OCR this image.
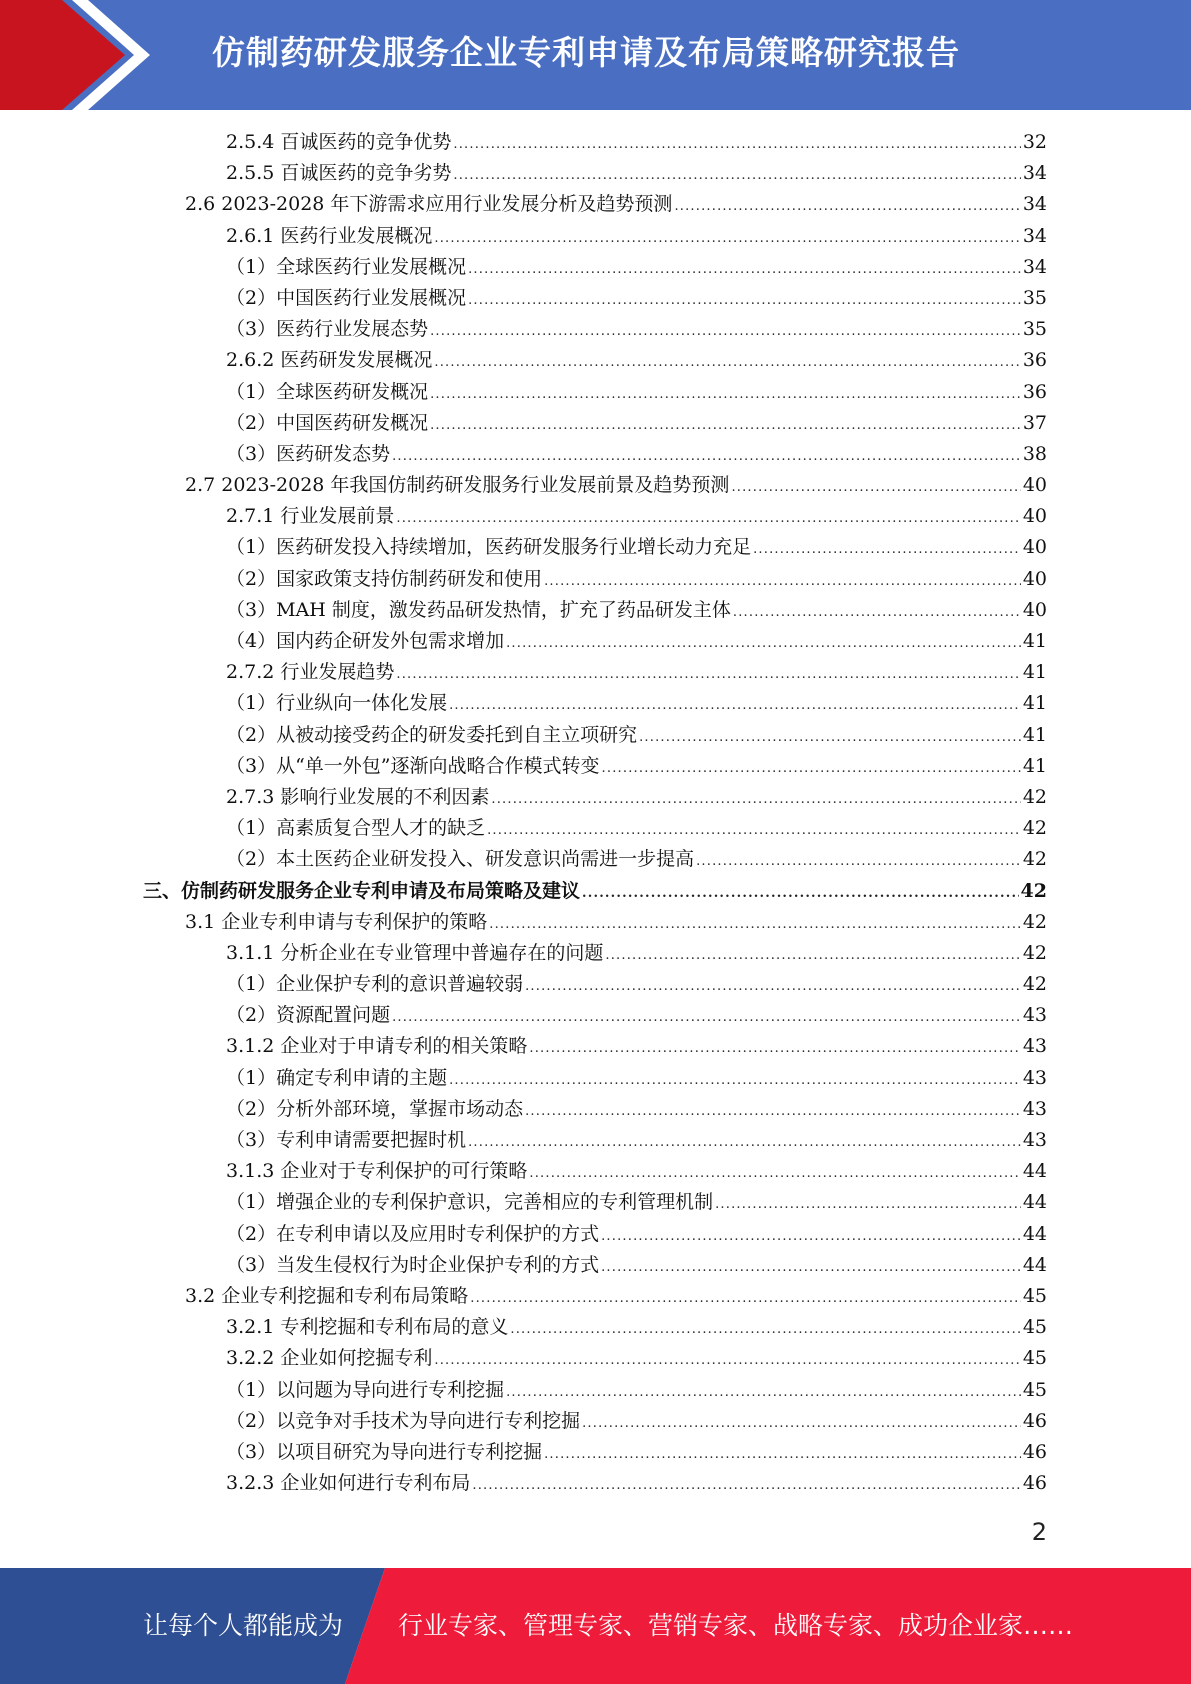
仿制药研发服务企业专利申请及布局策略研究报告
2.5.4 百诚医药的竞争优势 .....	32
2.5.5 百诚医药的竞争劣势 .....	34
2.6 2023-2028 年下游需求应用行业发展分析及趋势预测 .....	34
2.6.1 医药行业发展概况 .....	34
（1）全球医药行业发展概况 .....	34
（2）中国医药行业发展概况 .....	35
（3）医药行业发展态势 .....	35
2.6.2 医药研发发展概况 .....	36
（1）全球医药研发概况 .....	36
（2）中国医药研发概况 .....	37
（3）医药研发态势 .....	38
2.7 2023-2028 年我国仿制药研发服务行业发展前景及趋势预测 .....	40
2.7.1 行业发展前景 .....	40
（1）医药研发投入持续增加，医药研发服务行业增长动力充足 .....	40
（2）国家政策支持仿制药研发和使用 .....	40
（3）MAH 制度，激发药品研发热情，扩充了药品研发主体 .....	40
（4）国内药企研发外包需求增加 .....	41
2.7.2 行业发展趋势 .....	41
（1）行业纵向一体化发展 .....	41
（2）从被动接受药企的研发委托到自主立项研究 .....	41
（3）从“单一外包”逐渐向战略合作模式转变 .....	41
2.7.3 影响行业发展的不利因素 .....	42
（1）高素质复合型人才的缺乏 .....	42
（2）本土医药企业研发投入、研发意识尚需进一步提高 .....	42
三、仿制药研发服务企业专利申请及布局策略及建议 .....	42
3.1 企业专利申请与专利保护的策略 .....	42
3.1.1 分析企业在专业管理中普遍存在的问题 .....	42
（1）企业保护专利的意识普遍较弱 .....	42
（2）资源配置问题 .....	43
3.1.2 企业对于申请专利的相关策略 .....	43
（1）确定专利申请的主题 .....	43
（2）分析外部环境，掌握市场动态 .....	43
（3）专利申请需要把握时机 .....	43
3.1.3 企业对于专利保护的可行策略 .....	44
（1）增强企业的专利保护意识，完善相应的专利管理机制 .....	44
（2）在专利申请以及应用时专利保护的方式 .....	44
（3）当发生侵权行为时企业保护专利的方式 .....	44
3.2 企业专利挖掘和专利布局策略 .....	45
3.2.1 专利挖掘和专利布局的意义 .....	45
3.2.2 企业如何挖掘专利 .....	45
（1）以问题为导向进行专利挖掘 .....	45
（2）以竞争对手技术为导向进行专利挖掘 .....	46
（3）以项目研究为导向进行专利挖掘 .....	46
3.2.3 企业如何进行专利布局 .....	46
2
让每个人都能成为 行业专家、管理专家、营销专家、战略专家、成功企业家……
